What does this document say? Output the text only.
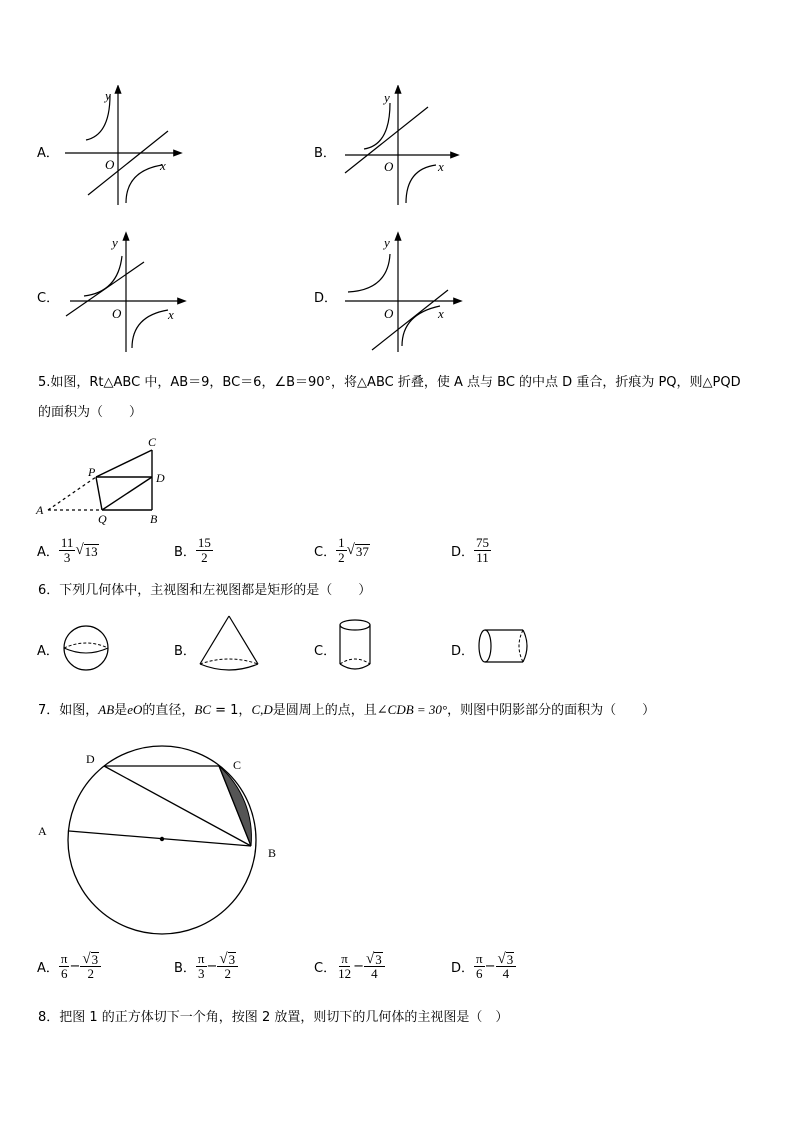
A．
y
O	x
B．
y
O	x
C．
y
O	x
D．
y
O	x
5.如图，Rt△ABC 中，AB＝9，BC＝6，∠B＝90°，将△ABC 折叠，使 A 点与 BC 的中点 D 重合，折痕为 PQ，则△PQD
的面积为（　　）
C
D
B
A
P
Q
A． $\frac{11}{3}$ √ 13	B． $\frac{15}{2}$	C． $\frac{1}{2}$ √ 37	D． $\frac{75}{11}$
6．下列几何体中，主视图和左视图都是矩形的是（　　）
A．	B．	C．	D．
7．如图，AB是eO的直径，BC = 1，C,D是圆周上的点，且∠CDB = 30°，则图中阴影部分的面积为（　　）
D	C
A
B
A． $\frac{\pi}{6} - \frac{√ 3}{2}$	B． $\frac{\pi}{3} - \frac{√ 3}{2}$	C． $\frac{\pi}{12} - \frac{√ 3}{4}$	D． $\frac{\pi}{6} - \frac{√ 3}{4}$
8．把图 1 的正方体切下一个角，按图 2 放置，则切下的几何体的主视图是（　）
